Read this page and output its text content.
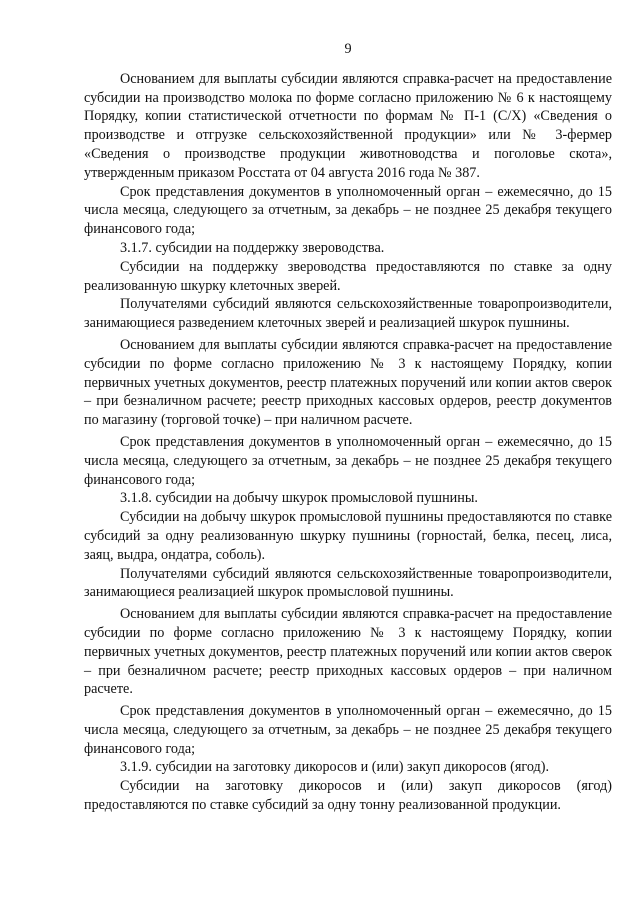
9

Основанием для выплаты субсидии являются справка-расчет на предоставление субсидии на производство молока по форме согласно приложению № 6 к настоящему Порядку, копии статистической отчетности по формам № П-1 (С/Х) «Сведения о производстве и отгрузке сельскохозяйственной продукции» или № 3-фермер «Сведения о производстве продукции животноводства и поголовье скота», утвержденным приказом Росстата от 04 августа 2016 года № 387.

Срок представления документов в уполномоченный орган – ежемесячно, до 15 числа месяца, следующего за отчетным, за декабрь – не позднее 25 декабря текущего финансового года;

3.1.7. субсидии на поддержку звероводства.

Субсидии на поддержку звероводства предоставляются по ставке за одну реализованную шкурку клеточных зверей.

Получателями субсидий являются сельскохозяйственные товаропроизводители, занимающиеся разведением клеточных зверей и реализацией шкурок пушнины.

Основанием для выплаты субсидии являются справка-расчет на предоставление субсидии по форме согласно приложению № 3 к настоящему Порядку, копии первичных учетных документов, реестр платежных поручений или копии актов сверок – при безналичном расчете; реестр приходных кассовых ордеров, реестр документов по магазину (торговой точке) – при наличном расчете.

Срок представления документов в уполномоченный орган – ежемесячно, до 15 числа месяца, следующего за отчетным, за декабрь – не позднее 25 декабря текущего финансового года;

3.1.8. субсидии на добычу шкурок промысловой пушнины.

Субсидии на добычу шкурок промысловой пушнины предоставляются по ставке субсидий за одну реализованную шкурку пушнины (горностай, белка, песец, лиса, заяц, выдра, ондатра, соболь).

Получателями субсидий являются сельскохозяйственные товаропроизводители, занимающиеся реализацией шкурок промысловой пушнины.

Основанием для выплаты субсидии являются справка-расчет на предоставление субсидии по форме согласно приложению № 3 к настоящему Порядку, копии первичных учетных документов, реестр платежных поручений или копии актов сверок – при безналичном расчете; реестр приходных кассовых ордеров – при наличном расчете.

Срок представления документов в уполномоченный орган – ежемесячно, до 15 числа месяца, следующего за отчетным, за декабрь – не позднее 25 декабря текущего финансового года;

3.1.9. субсидии на заготовку дикоросов и (или) закуп дикоросов (ягод).

Субсидии на заготовку дикоросов и (или) закуп дикоросов (ягод) предоставляются по ставке субсидий за одну тонну реализованной продукции.
